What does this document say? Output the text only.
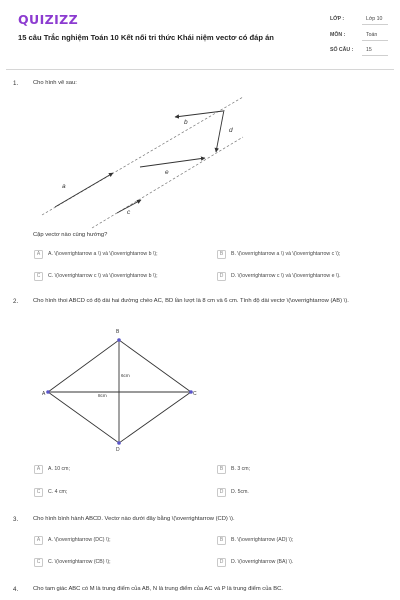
QUIZIZZ
15 câu Trắc nghiệm Toán 10 Kết nối tri thức Khái niệm vectơ có đáp án
LỚP :	Lớp 10
MÔN :	Toán
SỐ CÂU :	15
1.	Cho hình vẽ sau:
a
b
d
e
c
Cặp vectơ nào cùng hướng?
A	A. \(\overrightarrow a \) và \(\overrightarrow b \);	B	B. \(\overrightarrow a \) và \(\overrightarrow c \);
C	C. \(\overrightarrow c \) và \(\overrightarrow b \);	D	D. \(\overrightarrow c \) và \(\overrightarrow e \).
2.	Cho hình thoi ABCD có độ dài hai đường chéo AC, BD lần lượt là 8 cm và 6 cm. Tính độ dài vectơ \(\overrightarrow (AB) \).
A
B
C
D
6cm
8cm
A	A. 10 cm;	B	B. 3 cm;
C	C. 4 cm;	D	D. 5cm.
3.	Cho hình bình hành ABCD. Vectơ nào dưới đây bằng \(\overrightarrow (CD) \).
A	A. \(\overrightarrow (DC) \);	B	B. \(\overrightarrow (AD) \);
C	C. \(\overrightarrow (CB) \);	D	D. \(\overrightarrow (BA) \).
4.	Cho tam giác ABC có M là trung điểm của AB, N là trung điểm của AC và P là trung điểm của BC.
